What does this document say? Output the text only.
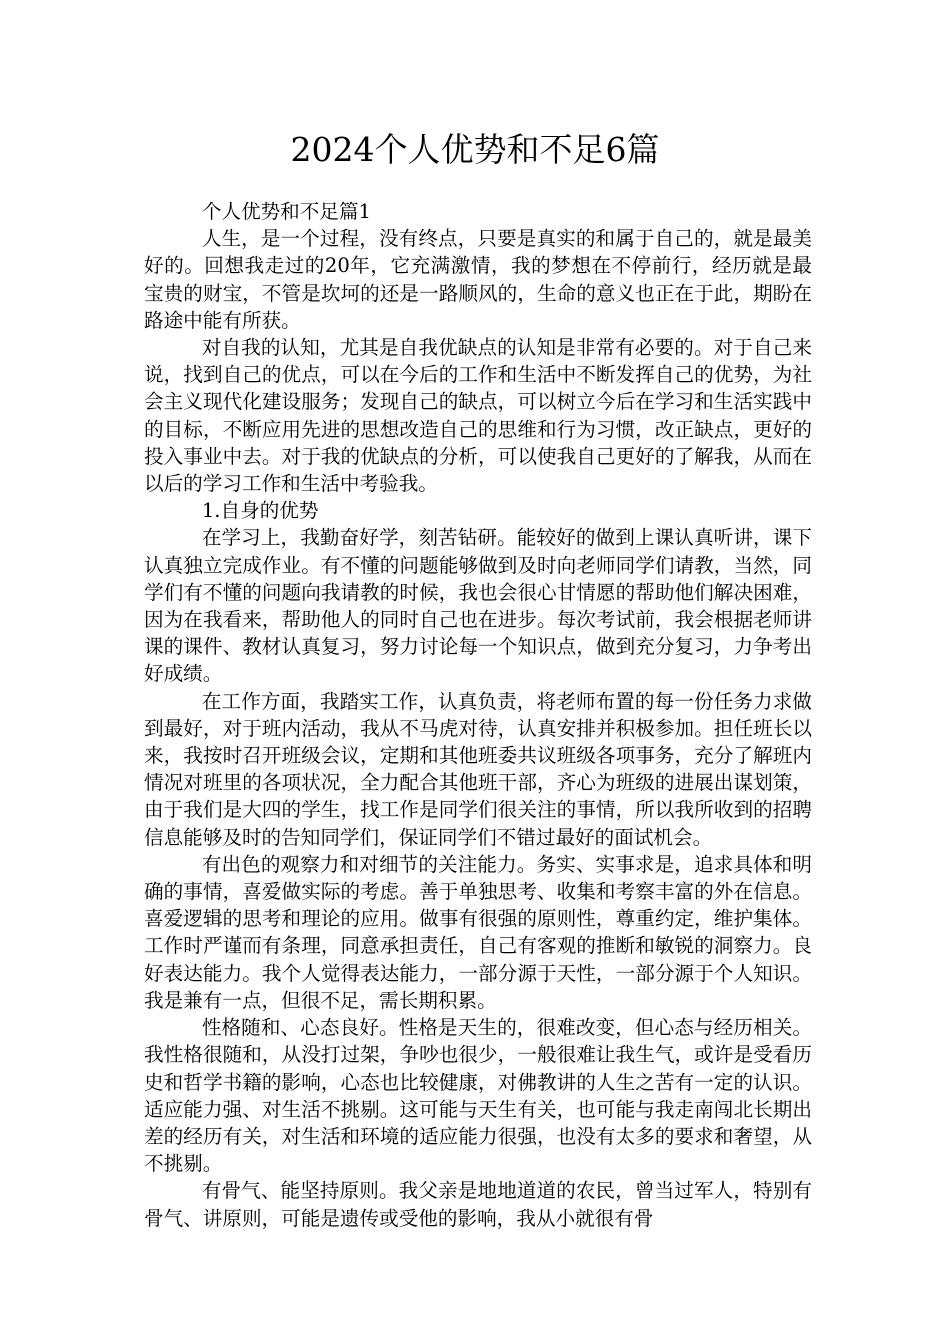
2024个人优势和不足6篇

个人优势和不足篇1

人生，是一个过程，没有终点，只要是真实的和属于自己的，就是最美好的。回想我走过的20年，它充满激情，我的梦想在不停前行，经历就是最宝贵的财宝，不管是坎坷的还是一路顺风的，生命的意义也正在于此，期盼在路途中能有所获。

对自我的认知，尤其是自我优缺点的认知是非常有必要的。对于自己来说，找到自己的优点，可以在今后的工作和生活中不断发挥自己的优势，为社会主义现代化建设服务；发现自己的缺点，可以树立今后在学习和生活实践中的目标，不断应用先进的思想改造自己的思维和行为习惯，改正缺点，更好的投入事业中去。对于我的优缺点的分析，可以使我自己更好的了解我，从而在以后的学习工作和生活中考验我。

1.自身的优势

在学习上，我勤奋好学，刻苦钻研。能较好的做到上课认真听讲，课下认真独立完成作业。有不懂的问题能够做到及时向老师同学们请教，当然，同学们有不懂的问题向我请教的时候，我也会很心甘情愿的帮助他们解决困难，因为在我看来，帮助他人的同时自己也在进步。每次考试前，我会根据老师讲课的课件、教材认真复习，努力讨论每一个知识点，做到充分复习，力争考出好成绩。

在工作方面，我踏实工作，认真负责，将老师布置的每一份任务力求做到最好，对于班内活动，我从不马虎对待，认真安排并积极参加。担任班长以来，我按时召开班级会议，定期和其他班委共议班级各项事务，充分了解班内情况对班里的各项状况，全力配合其他班干部，齐心为班级的进展出谋划策，由于我们是大四的学生，找工作是同学们很关注的事情，所以我所收到的招聘信息能够及时的告知同学们，保证同学们不错过最好的面试机会。

有出色的观察力和对细节的关注能力。务实、实事求是，追求具体和明确的事情，喜爱做实际的考虑。善于单独思考、收集和考察丰富的外在信息。喜爱逻辑的思考和理论的应用。做事有很强的原则性，尊重约定，维护集体。工作时严谨而有条理，同意承担责任，自己有客观的推断和敏锐的洞察力。良好表达能力。我个人觉得表达能力，一部分源于天性，一部分源于个人知识。我是兼有一点，但很不足，需长期积累。

性格随和、心态良好。性格是天生的，很难改变，但心态与经历相关。我性格很随和，从没打过架，争吵也很少，一般很难让我生气，或许是受看历史和哲学书籍的影响，心态也比较健康，对佛教讲的人生之苦有一定的认识。适应能力强、对生活不挑剔。这可能与天生有关，也可能与我走南闯北长期出差的经历有关，对生活和环境的适应能力很强，也没有太多的要求和奢望，从不挑剔。

有骨气、能坚持原则。我父亲是地地道道的农民，曾当过军人，特别有骨气、讲原则，可能是遗传或受他的影响，我从小就很有骨
